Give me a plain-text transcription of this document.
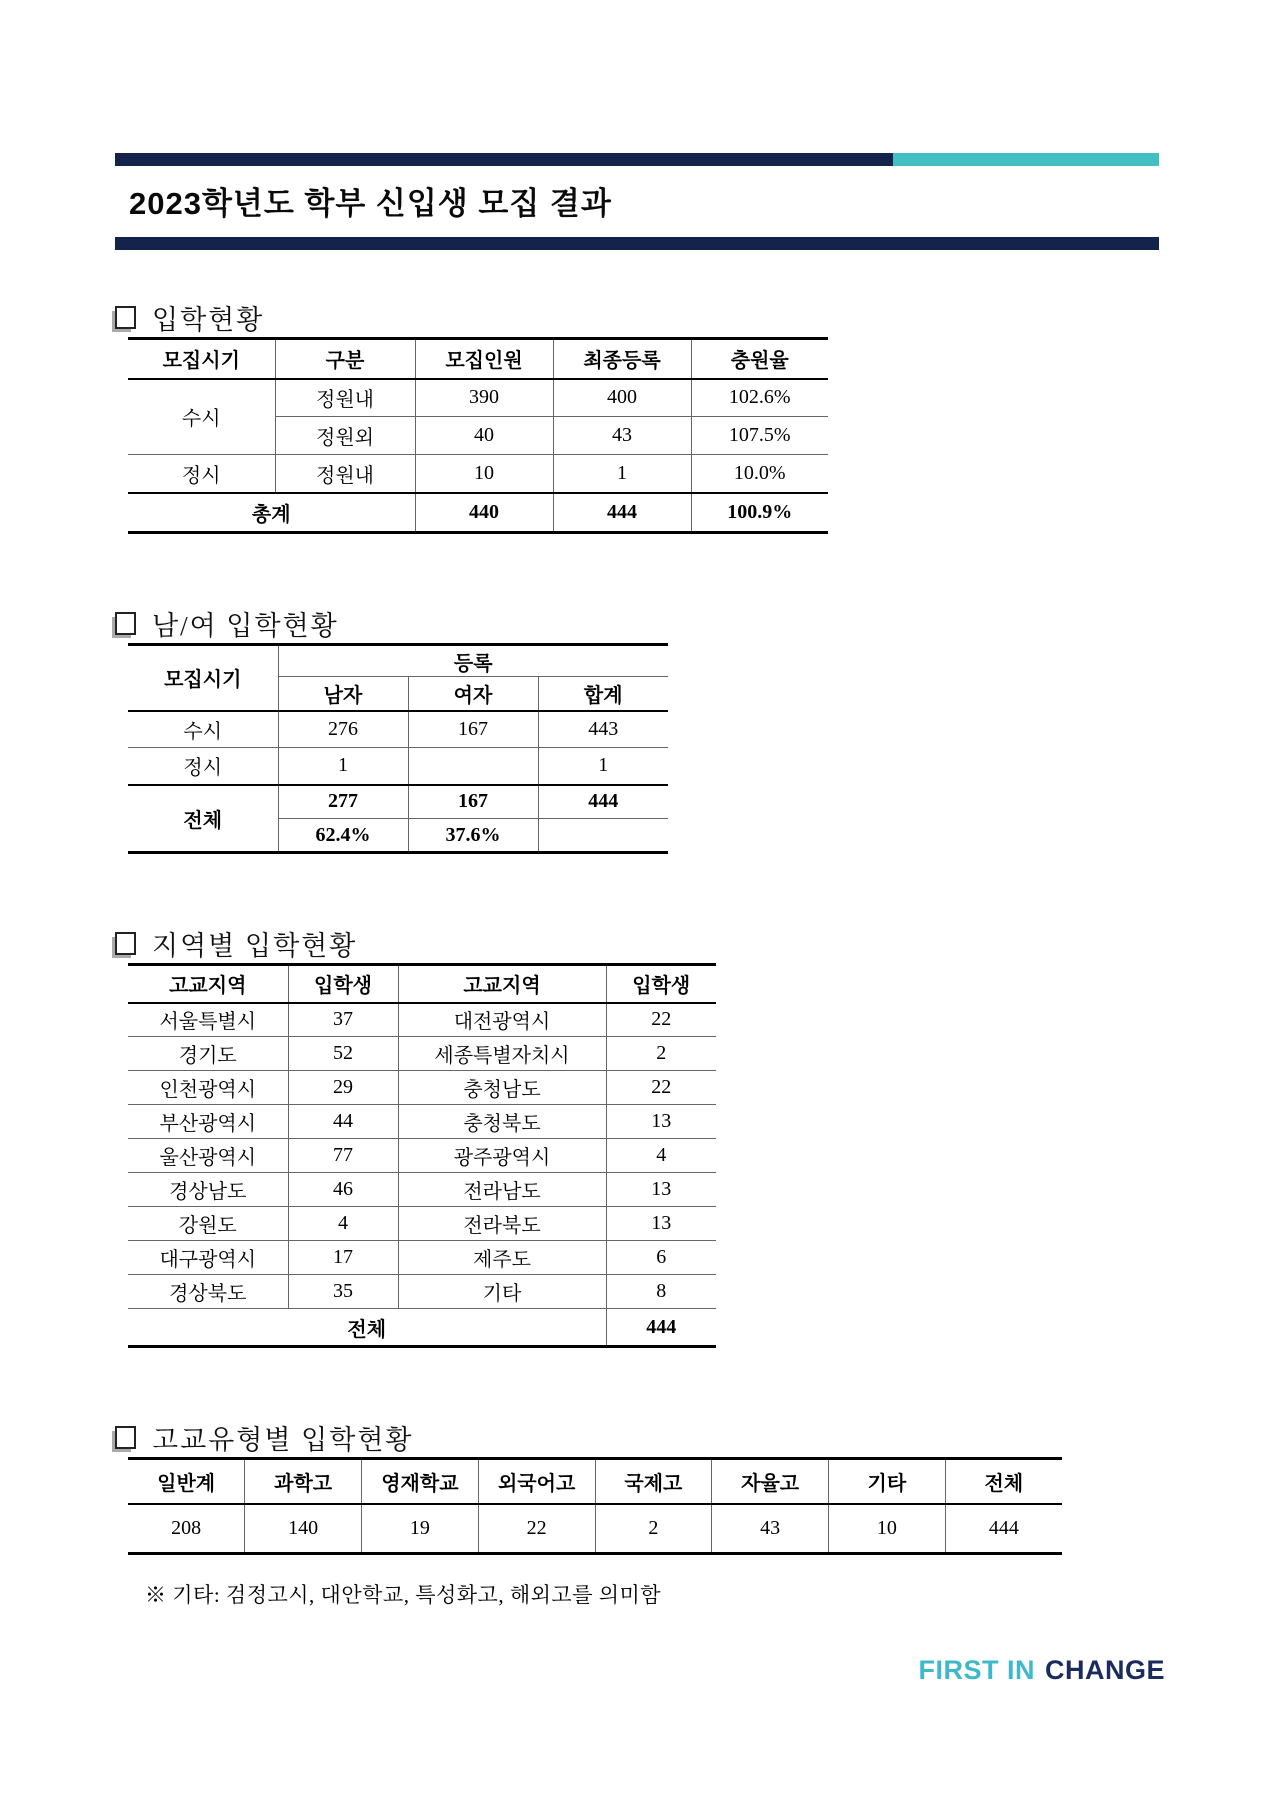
2023학년도 학부 신입생 모집 결과
입학현황
모집시기	구분	모집인원	최종등록	충원율
수시	정원내	390	400	102.6%
	정원외	40	43	107.5%
정시	정원내	10	1	10.0%
총계		440	444	100.9%
남/여 입학현황
모집시기	등록		
	남자	여자	합계
수시	276	167	443
정시	1		1
전체	277	167	444
	62.4%	37.6%	
지역별 입학현황
고교지역	입학생	고교지역	입학생
서울특별시	37	대전광역시	22
경기도	52	세종특별자치시	2
인천광역시	29	충청남도	22
부산광역시	44	충청북도	13
울산광역시	77	광주광역시	4
경상남도	46	전라남도	13
강원도	4	전라북도	13
대구광역시	17	제주도	6
경상북도	35	기타	8
전체			444
고교유형별 입학현황
일반계	과학고	영재학교	외국어고	국제고	자율고	기타	전체
208	140	19	22	2	43	10	444
※ 기타: 검정고시, 대안학교, 특성화고, 해외고를 의미함
FIRST IN CHANGE
